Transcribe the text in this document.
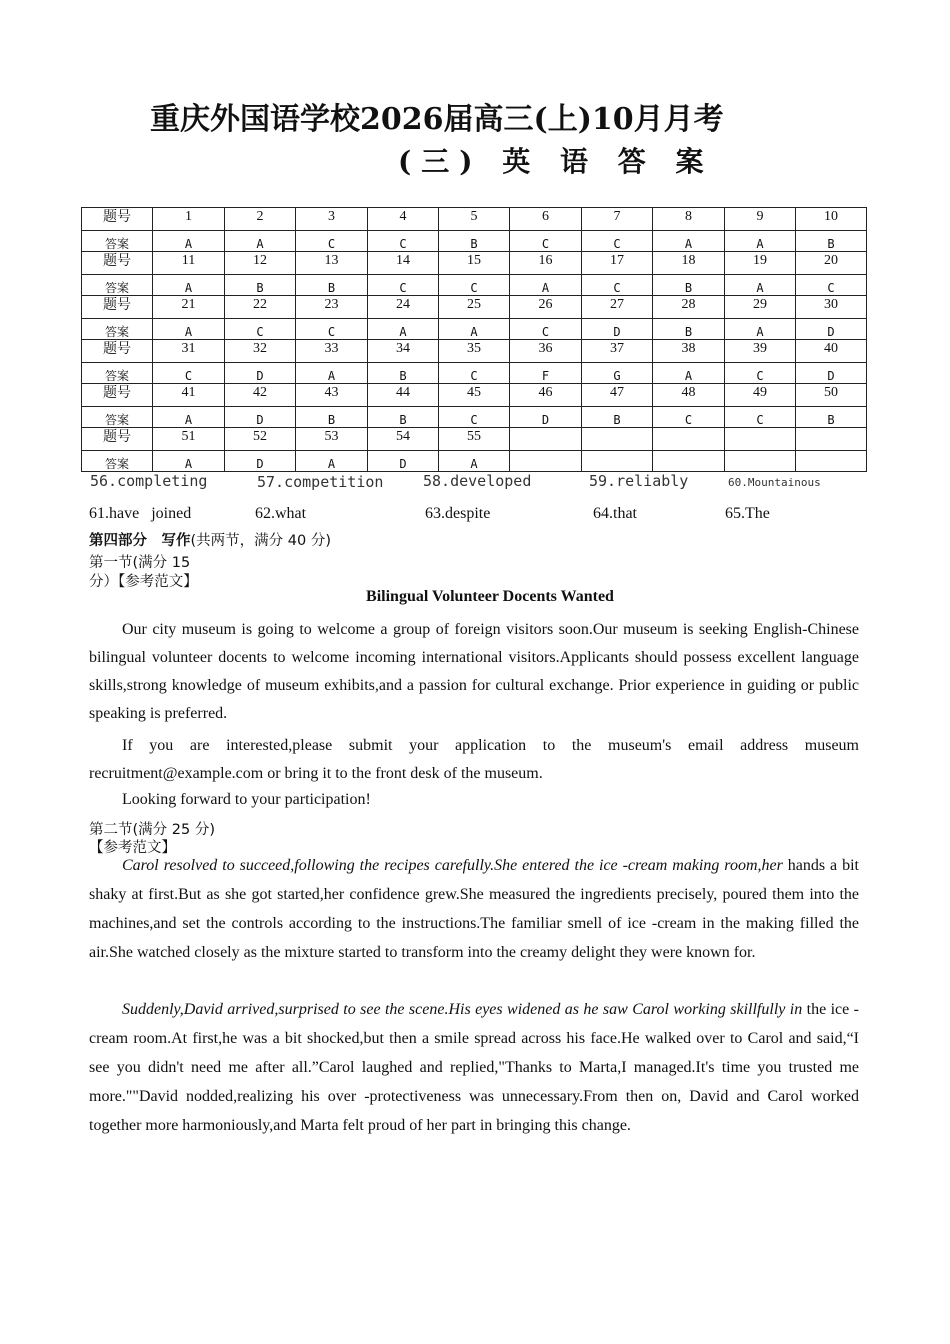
重庆外国语学校2026届高三(上)10月月考
(三) 英 语 答 案
题号	1	2	3	4	5	6	7	8	9	10
答案	A	A	C	C	B	C	C	A	A	B
题号	11	12	13	14	15	16	17	18	19	20
答案	A	B	B	C	C	A	C	B	A	C
题号	21	22	23	24	25	26	27	28	29	30
答案	A	C	C	A	A	C	D	B	A	D
题号	31	32	33	34	35	36	37	38	39	40
答案	C	D	A	B	C	F	G	A	C	D
题号	41	42	43	44	45	46	47	48	49	50
答案	A	D	B	B	C	D	B	C	C	B
题号	51	52	53	54	55					
答案	A	D	A	D	A					
56.completing	57.competition	58.developed	59.reliably	60.Mountainous
61.have   joined	62.what	63.despite	64.that	65.The
第四部分　写作(共两节，满分 40 分)
第一节(满分 15
分）【参考范文】
Bilingual Volunteer Docents Wanted

Our city museum is going to welcome a group of foreign visitors soon.Our museum is seeking English-Chinese bilingual volunteer docents to welcome incoming international visitors.Applicants should possess excellent language skills,strong knowledge of museum exhibits,and a passion for cultural exchange. Prior experience in guiding or public speaking is preferred.

If you are interested,please submit your application to the museum's email address museum recruitment@example.com or bring it to the front desk of the museum.

Looking forward to your participation!

第二节(满分 25 分)
【参考范文】

Carol resolved to succeed,following the recipes carefully.She entered the ice -cream making room,her hands a bit shaky at first.But as she got started,her confidence grew.She measured the ingredients precisely, poured them into the machines,and set the controls according to the instructions.The familiar smell of ice -cream in the making filled the air.She watched closely as the mixture started to transform into the creamy delight they were known for.

Suddenly,David arrived,surprised to see the scene.His eyes widened as he saw Carol working skillfully in the ice -cream room.At first,he was a bit shocked,but then a smile spread across his face.He walked over to Carol and said,“I see you didn't need me after all.”Carol laughed and replied,"Thanks to Marta,I managed.It's time you trusted me more.""David nodded,realizing his over -protectiveness was unnecessary.From then on, David and Carol worked together more harmoniously,and Marta felt proud of her part in bringing this change.
